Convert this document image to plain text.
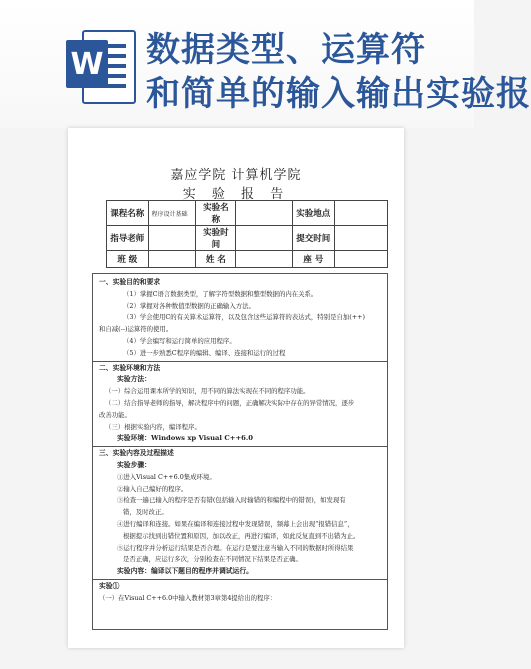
W 数据类型、运算符
和简单的输入输出实验报
嘉应学院 计算机学院
实 验 报 告
课程名称	程序设计基础	实验名称		实验地点	
指导老师		实验时间		提交时间	
班 级		姓 名		座 号	
一、实验目的和要求
（1）掌握C语言数据类型，了解字符型数据和整型数据的内在关系。
（2）掌握对各种数值型数据的正确输入方法。
（3）学会使用C的有关算术运算符，以及包含这些运算符的表达式，特别是自加(++)
和自减(--)运算符的使用。
（4）学会编写和运行简单的应用程序。
（5）进一步熟悉C程序的编辑、编译、连接和运行的过程
二、实验环境和方法
实验方法：
（一）综合运用课本所学的知识，用不同的算法实现在不同的程序功能。
（二）结合指导老师的指导，解决程序中的问题，正确解决实际中存在的异常情况，逐步
改善功能。
（三）根据实验内容，编译程序。
实验环境：Windows xp Visual C++6.0
三、实验内容及过程描述
实验步骤：
①进入Visual C++6.0集成环境。
②输入自己编好的程序。
③检查一遍已输入的程序是否有错(包括输入时输错的和编程中的错误)，如发现有
错，及时改正。
④进行编译和连接。如果在编译和连接过程中发现错误，频幕上会出现“报错信息”，
根据提示找到出错位置和原因，加以改正，再进行编译，如此反复直到不出错为止。
⑤运行程序并分析运行结果是否合理。在运行是要注意当输入不同的数据时所得结果
是否正确，应运行多次，分别检查在不同情况下结果是否正确。
实验内容：编译以下题目的程序并调试运行。
实验①
（一）在Visual C++6.0中输入教材第3章第4提给出的程序：
